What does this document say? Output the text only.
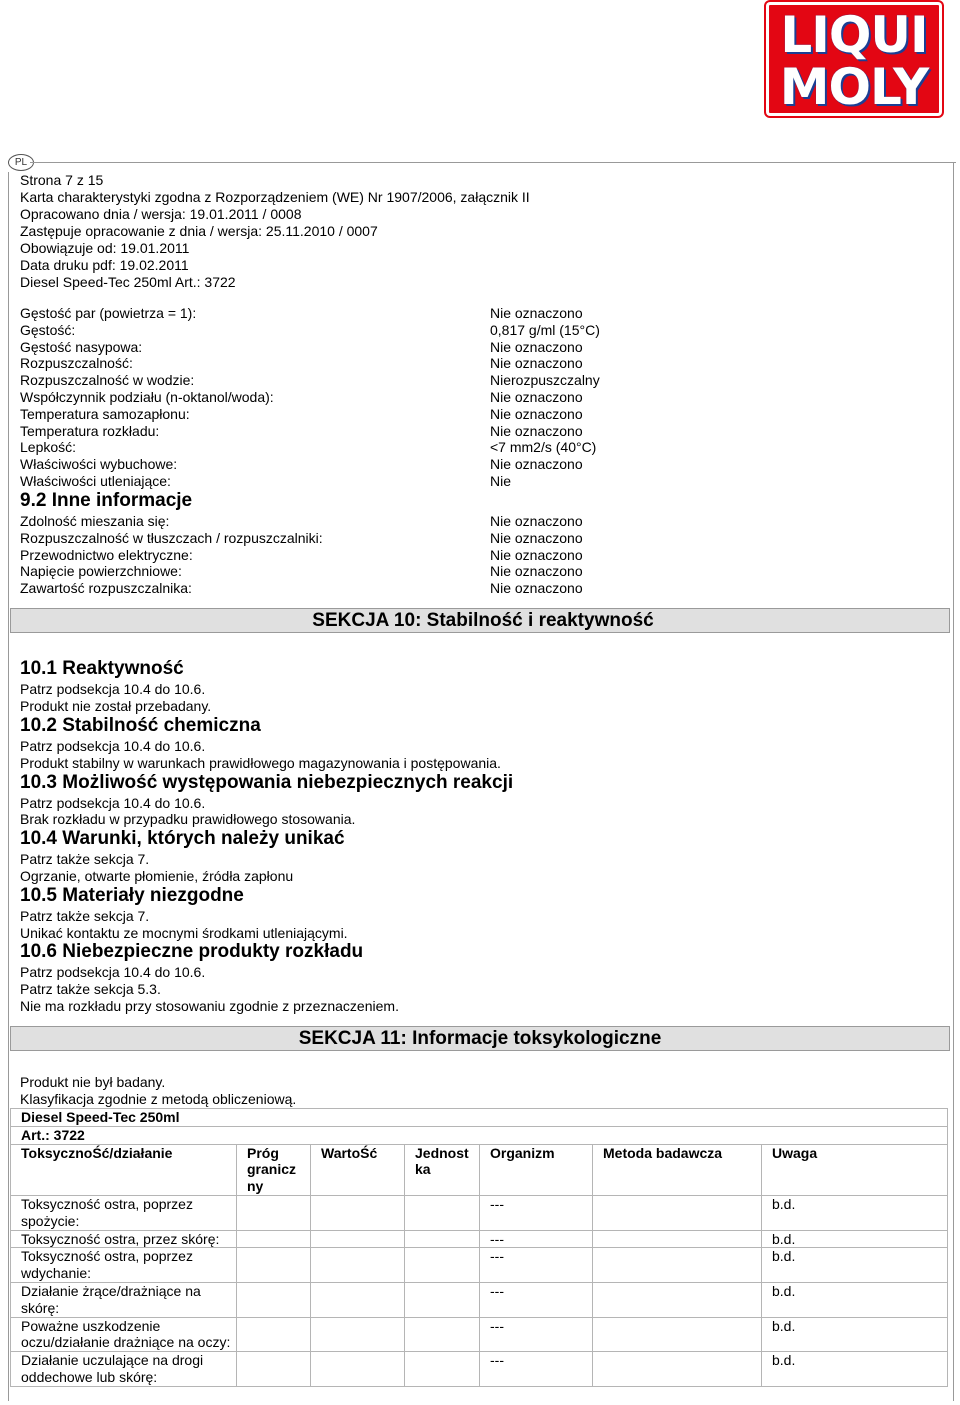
LIQUI
MOLY
PL
Strona 7 z 15
Karta charakterystyki zgodna z Rozporządzeniem (WE) Nr 1907/2006, załącznik II
Opracowano dnia / wersja: 19.01.2011 / 0008
Zastępuje opracowanie z dnia / wersja: 25.11.2010 / 0007
Obowiązuje od: 19.01.2011
Data druku pdf: 19.02.2011
Diesel Speed-Tec 250ml Art.: 3722
Gęstość par (powietrza = 1):	Nie oznaczono
Gęstość:	0,817 g/ml (15°C)
Gęstość nasypowa:	Nie oznaczono
Rozpuszczalność:	Nie oznaczono
Rozpuszczalność w wodzie:	Nierozpuszczalny
Współczynnik podziału (n-oktanol/woda):	Nie oznaczono
Temperatura samozapłonu:	Nie oznaczono
Temperatura rozkładu:	Nie oznaczono
Lepkość:	<7 mm2/s (40°C)
Właściwości wybuchowe:	Nie oznaczono
Właściwości utleniające:	Nie
9.2 Inne informacje
Zdolność mieszania się:	Nie oznaczono
Rozpuszczalność w tłuszczach / rozpuszczalniki:	Nie oznaczono
Przewodnictwo elektryczne:	Nie oznaczono
Napięcie powierzchniowe:	Nie oznaczono
Zawartość rozpuszczalnika:	Nie oznaczono
SEKCJA 10: Stabilność i reaktywność
10.1 Reaktywność
Patrz podsekcja 10.4 do 10.6.
Produkt nie został przebadany.
10.2 Stabilność chemiczna
Patrz podsekcja 10.4 do 10.6.
Produkt stabilny w warunkach prawidłowego magazynowania i postępowania.
10.3 Możliwość występowania niebezpiecznych reakcji
Patrz podsekcja 10.4 do 10.6.
Brak rozkładu w przypadku prawidłowego stosowania.
10.4 Warunki, których należy unikać
Patrz także sekcja 7.
Ogrzanie, otwarte płomienie, źródła zapłonu
10.5 Materiały niezgodne
Patrz także sekcja 7.
Unikać kontaktu ze mocnymi środkami utleniającymi.
10.6 Niebezpieczne produkty rozkładu
Patrz podsekcja 10.4 do 10.6.
Patrz także sekcja 5.3.
Nie ma rozkładu przy stosowaniu zgodnie z przeznaczeniem.
SEKCJA 11: Informacje toksykologiczne
Produkt nie był badany.
Klasyfikacja zgodnie z metodą obliczeniową.
Diesel Speed-Tec 250ml						
Art.: 3722						
ToksycznoŚć/działanie	Próg granicz ny	WartoŚć	Jednost ka	Organizm	Metoda badawcza	Uwaga
Toksyczność ostra, poprzez spożycie:				---		b.d.
Toksyczność ostra, przez skórę:				---		b.d.
Toksyczność ostra, poprzez wdychanie:				---		b.d.
Działanie żrące/drażniące na skórę:				---		b.d.
Poważne uszkodzenie oczu/działanie drażniące na oczy:				---		b.d.
Działanie uczulające na drogi oddechowe lub skórę:				---		b.d.
